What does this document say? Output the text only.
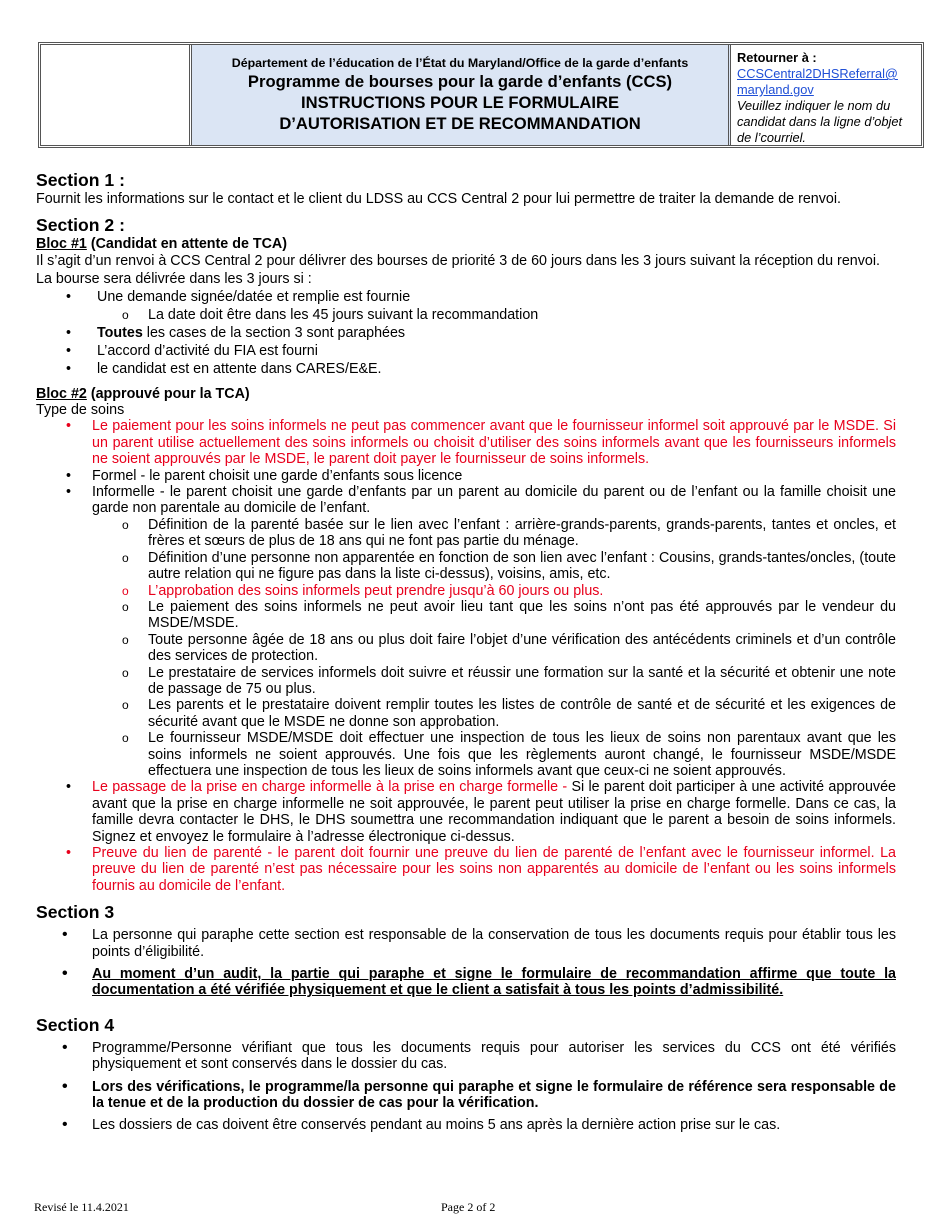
Département de l’éducation de l’État du Maryland/Office de la garde d’enfants
Programme de bourses pour la garde d’enfants (CCS)
INSTRUCTIONS POUR LE FORMULAIRE
D’AUTORISATION ET DE RECOMMANDATION
Retourner à :
CCSCentral2DHSReferral@
maryland.gov
Veuillez indiquer le nom du candidat dans la ligne d’objet de l’courriel.
Section 1 :

Fournit les informations sur le contact et le client du LDSS au CCS Central 2 pour lui permettre de traiter la demande de renvoi.

Section 2 :

Bloc #1 (Candidat en attente de TCA)

Il s’agit d’un renvoi à CCS Central 2 pour délivrer des bourses de priorité 3 de 60 jours dans les 3 jours suivant la réception du renvoi.

La bourse sera délivrée dans les 3 jours si :

• Une demande signée/datée et remplie est fournie
o La date doit être dans les 45 jours suivant la recommandation
• Toutes les cases de la section 3 sont paraphées
• L’accord d’activité du FIA est fourni
• le candidat est en attente dans CARES/E&E.

Bloc #2 (approuvé pour la TCA)

Type de soins

• Le paiement pour les soins informels ne peut pas commencer avant que le fournisseur informel soit approuvé par le MSDE. Si un parent utilise actuellement des soins informels ou choisit d’utiliser des soins informels avant que les fournisseurs informels ne soient approuvés par le MSDE, le parent doit payer le fournisseur de soins informels.
• Formel - le parent choisit une garde d’enfants sous licence
• Informelle - le parent choisit une garde d’enfants par un parent au domicile du parent ou de l’enfant ou la famille choisit une garde non parentale au domicile de l’enfant.
o Définition de la parenté basée sur le lien avec l’enfant : arrière-grands-parents, grands-parents, tantes et oncles, et frères et sœurs de plus de 18 ans qui ne font pas partie du ménage.
o Définition d’une personne non apparentée en fonction de son lien avec l’enfant : Cousins, grands-tantes/oncles, (toute autre relation qui ne figure pas dans la liste ci-dessus), voisins, amis, etc.
o L’approbation des soins informels peut prendre jusqu’à 60 jours ou plus.
o Le paiement des soins informels ne peut avoir lieu tant que les soins n’ont pas été approuvés par le vendeur du MSDE/MSDE.
o Toute personne âgée de 18 ans ou plus doit faire l’objet d’une vérification des antécédents criminels et d’un contrôle des services de protection.
o Le prestataire de services informels doit suivre et réussir une formation sur la santé et la sécurité et obtenir une note de passage de 75 ou plus.
o Les parents et le prestataire doivent remplir toutes les listes de contrôle de santé et de sécurité et les exigences de sécurité avant que le MSDE ne donne son approbation.
o Le fournisseur MSDE/MSDE doit effectuer une inspection de tous les lieux de soins non parentaux avant que les soins informels ne soient approuvés. Une fois que les règlements auront changé, le fournisseur MSDE/MSDE effectuera une inspection de tous les lieux de soins informels avant que ceux-ci ne soient approuvés.
• Le passage de la prise en charge informelle à la prise en charge formelle - Si le parent doit participer à une activité approuvée avant que la prise en charge informelle ne soit approuvée, le parent peut utiliser la prise en charge formelle. Dans ce cas, la famille devra contacter le DHS, le DHS soumettra une recommandation indiquant que le parent a besoin de soins informels. Signez et envoyez le formulaire à l’adresse électronique ci-dessus.
• Preuve du lien de parenté - le parent doit fournir une preuve du lien de parenté de l’enfant avec le fournisseur informel. La preuve du lien de parenté n’est pas nécessaire pour les soins non apparentés au domicile de l’enfant ou les soins informels fournis au domicile de l’enfant.
Section 3
• La personne qui paraphe cette section est responsable de la conservation de tous les documents requis pour établir tous les points d’éligibilité.
• Au moment d’un audit, la partie qui paraphe et signe le formulaire de recommandation affirme que toute la documentation a été vérifiée physiquement et que le client a satisfait à tous les points d’admissibilité.
Section 4
• Programme/Personne vérifiant que tous les documents requis pour autoriser les services du CCS ont été vérifiés physiquement et sont conservés dans le dossier du cas.
• Lors des vérifications, le programme/la personne qui paraphe et signe le formulaire de référence sera responsable de la tenue et de la production du dossier de cas pour la vérification.
• Les dossiers de cas doivent être conservés pendant au moins 5 ans après la dernière action prise sur le cas.
Revisé le 11.4.2021	Page 2 of 2
